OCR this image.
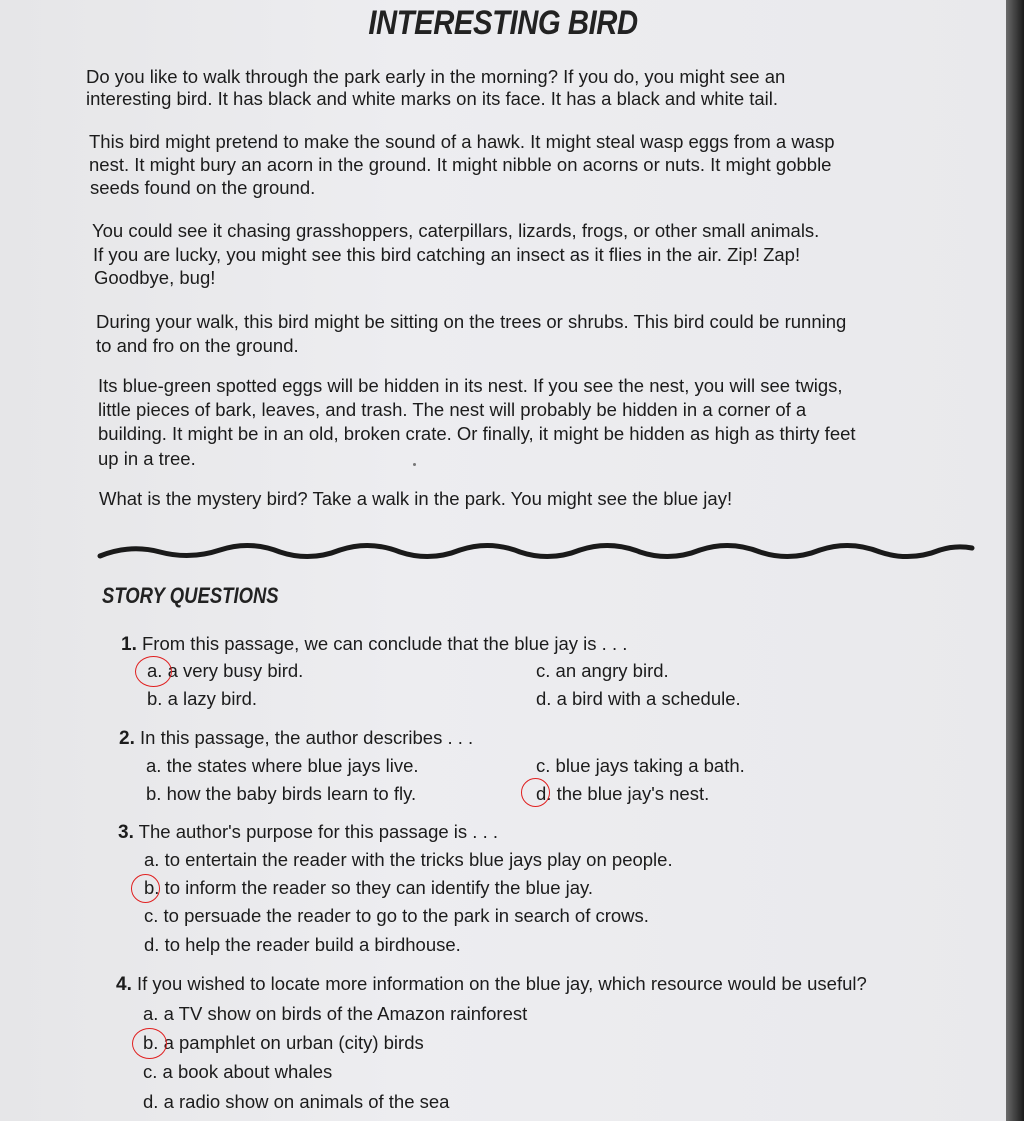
INTERESTING BIRD
Do you like to walk through the park early in the morning? If you do, you might see an
interesting bird. It has black and white marks on its face. It has a black and white tail.
This bird might pretend to make the sound of a hawk. It might steal wasp eggs from a wasp
nest. It might bury an acorn in the ground. It might nibble on acorns or nuts. It might gobble
seeds found on the ground.
You could see it chasing grasshoppers, caterpillars, lizards, frogs, or other small animals.
If you are lucky, you might see this bird catching an insect as it flies in the air. Zip! Zap!
Goodbye, bug!
During your walk, this bird might be sitting on the trees or shrubs. This bird could be running
to and fro on the ground.
Its blue-green spotted eggs will be hidden in its nest. If you see the nest, you will see twigs,
little pieces of bark, leaves, and trash. The nest will probably be hidden in a corner of a
building. It might be in an old, broken crate. Or finally, it might be hidden as high as thirty feet
up in a tree.
What is the mystery bird? Take a walk in the park. You might see the blue jay!
STORY QUESTIONS
1. From this passage, we can conclude that the blue jay is . . .
a. a very busy bird.
b. a lazy bird.
c. an angry bird.
d. a bird with a schedule.
2. In this passage, the author describes . . .
a. the states where blue jays live.
b. how the baby birds learn to fly.
c. blue jays taking a bath.
d. the blue jay's nest.
3. The author's purpose for this passage is . . .
a. to entertain the reader with the tricks blue jays play on people.
b. to inform the reader so they can identify the blue jay.
c. to persuade the reader to go to the park in search of crows.
d. to help the reader build a birdhouse.
4. If you wished to locate more information on the blue jay, which resource would be useful?
a. a TV show on birds of the Amazon rainforest
b. a pamphlet on urban (city) birds
c. a book about whales
d. a radio show on animals of the sea
